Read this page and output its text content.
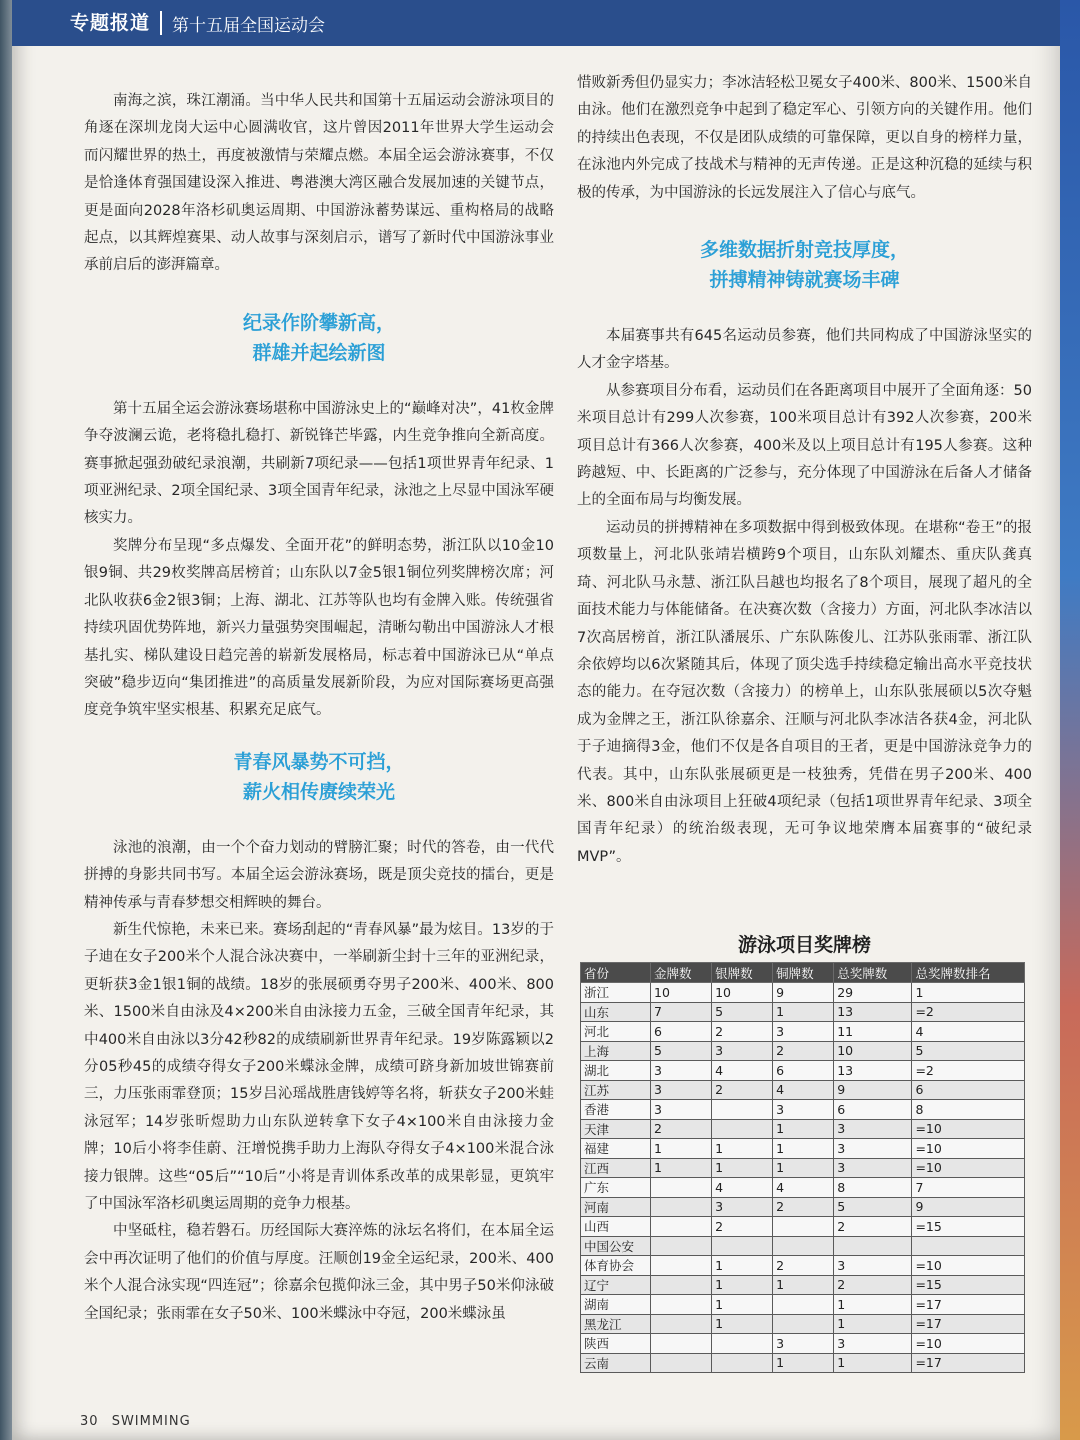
专题报道	第十五届全国运动会

南海之滨，珠江潮涌。当中华人民共和国第十五届运动会游泳项目的角逐在深圳龙岗大运中心圆满收官，这片曾因2011年世界大学生运动会而闪耀世界的热土，再度被激情与荣耀点燃。本届全运会游泳赛事，不仅是恰逢体育强国建设深入推进、粤港澳大湾区融合发展加速的关键节点，更是面向2028年洛杉矶奥运周期、中国游泳蓄势谋远、重构格局的战略起点，以其辉煌赛果、动人故事与深刻启示，谱写了新时代中国游泳事业承前启后的澎湃篇章。

纪录作阶攀新高，
群雄并起绘新图

第十五届全运会游泳赛场堪称中国游泳史上的“巅峰对决”，41枚金牌争夺波澜云诡，老将稳扎稳打、新锐锋芒毕露，内生竞争推向全新高度。赛事掀起强劲破纪录浪潮，共刷新7项纪录——包括1项世界青年纪录、1项亚洲纪录、2项全国纪录、3项全国青年纪录，泳池之上尽显中国泳军硬核实力。

奖牌分布呈现“多点爆发、全面开花”的鲜明态势，浙江队以10金10银9铜、共29枚奖牌高居榜首；山东队以7金5银1铜位列奖牌榜次席；河北队收获6金2银3铜；上海、湖北、江苏等队也均有金牌入账。传统强省持续巩固优势阵地，新兴力量强势突围崛起，清晰勾勒出中国游泳人才根基扎实、梯队建设日趋完善的崭新发展格局，标志着中国游泳已从“单点突破”稳步迈向“集团推进”的高质量发展新阶段，为应对国际赛场更高强度竞争筑牢坚实根基、积累充足底气。

青春风暴势不可挡，
薪火相传赓续荣光

泳池的浪潮，由一个个奋力划动的臂膀汇聚；时代的答卷，由一代代拼搏的身影共同书写。本届全运会游泳赛场，既是顶尖竞技的擂台，更是精神传承与青春梦想交相辉映的舞台。

新生代惊艳，未来已来。赛场刮起的“青春风暴”最为炫目。13岁的于子迪在女子200米个人混合泳决赛中，一举刷新尘封十三年的亚洲纪录，更斩获3金1银1铜的战绩。18岁的张展硕勇夺男子200米、400米、800米、1500米自由泳及4×200米自由泳接力五金，三破全国青年纪录，其中400米自由泳以3分42秒82的成绩刷新世界青年纪录。19岁陈露颖以2分05秒45的成绩夺得女子200米蝶泳金牌，成绩可跻身新加坡世锦赛前三，力压张雨霏登顶；15岁吕沁瑶战胜唐钱婷等名将，斩获女子200米蛙泳冠军；14岁张昕煜助力山东队逆转拿下女子4×100米自由泳接力金牌；10后小将李佳蔚、汪增悦携手助力上海队夺得女子4×100米混合泳接力银牌。这些“05后”“10后”小将是青训体系改革的成果彰显，更筑牢了中国泳军洛杉矶奥运周期的竞争力根基。

中坚砥柱，稳若磐石。历经国际大赛淬炼的泳坛名将们，在本届全运会中再次证明了他们的价值与厚度。汪顺创19金全运纪录，200米、400米个人混合泳实现“四连冠”；徐嘉余包揽仰泳三金，其中男子50米仰泳破全国纪录；张雨霏在女子50米、100米蝶泳中夺冠，200米蝶泳虽

惜败新秀但仍显实力；李冰洁轻松卫冕女子400米、800米、1500米自由泳。他们在激烈竞争中起到了稳定军心、引领方向的关键作用。他们的持续出色表现，不仅是团队成绩的可靠保障，更以自身的榜样力量，在泳池内外完成了技战术与精神的无声传递。正是这种沉稳的延续与积极的传承，为中国游泳的长远发展注入了信心与底气。

多维数据折射竞技厚度，
拼搏精神铸就赛场丰碑

本届赛事共有645名运动员参赛，他们共同构成了中国游泳坚实的人才金字塔基。

从参赛项目分布看，运动员们在各距离项目中展开了全面角逐：50米项目总计有299人次参赛，100米项目总计有392人次参赛，200米项目总计有366人次参赛，400米及以上项目总计有195人参赛。这种跨越短、中、长距离的广泛参与，充分体现了中国游泳在后备人才储备上的全面布局与均衡发展。

运动员的拼搏精神在多项数据中得到极致体现。在堪称“卷王”的报项数量上，河北队张靖岩横跨9个项目，山东队刘耀杰、重庆队龚真琦、河北队马永慧、浙江队吕越也均报名了8个项目，展现了超凡的全面技术能力与体能储备。在决赛次数（含接力）方面，河北队李冰洁以7次高居榜首，浙江队潘展乐、广东队陈俊儿、江苏队张雨霏、浙江队余依婷均以6次紧随其后，体现了顶尖选手持续稳定输出高水平竞技状态的能力。在夺冠次数（含接力）的榜单上，山东队张展硕以5次夺魁成为金牌之王，浙江队徐嘉余、汪顺与河北队李冰洁各获4金，河北队于子迪摘得3金，他们不仅是各自项目的王者，更是中国游泳竞争力的代表。其中，山东队张展硕更是一枝独秀，凭借在男子200米、400米、800米自由泳项目上狂破4项纪录（包括1项世界青年纪录、3项全国青年纪录）的统治级表现，无可争议地荣膺本届赛事的“破纪录MVP”。

游泳项目奖牌榜
省份	金牌数	银牌数	铜牌数	总奖牌数	总奖牌数排名
浙江	10	10	9	29	1
山东	7	5	1	13	=2
河北	6	2	3	11	4
上海	5	3	2	10	5
湖北	3	4	6	13	=2
江苏	3	2	4	9	6
香港	3		3	6	8
天津	2		1	3	=10
福建	1	1	1	3	=10
江西	1	1	1	3	=10
广东		4	4	8	7
河南		3	2	5	9
山西		2		2	=15
中国公安					
体育协会		1	2	3	=10
辽宁		1	1	2	=15
湖南		1		1	=17
黑龙江		1		1	=17
陕西			3	3	=10
云南			1	1	=17
30 SWIMMING
